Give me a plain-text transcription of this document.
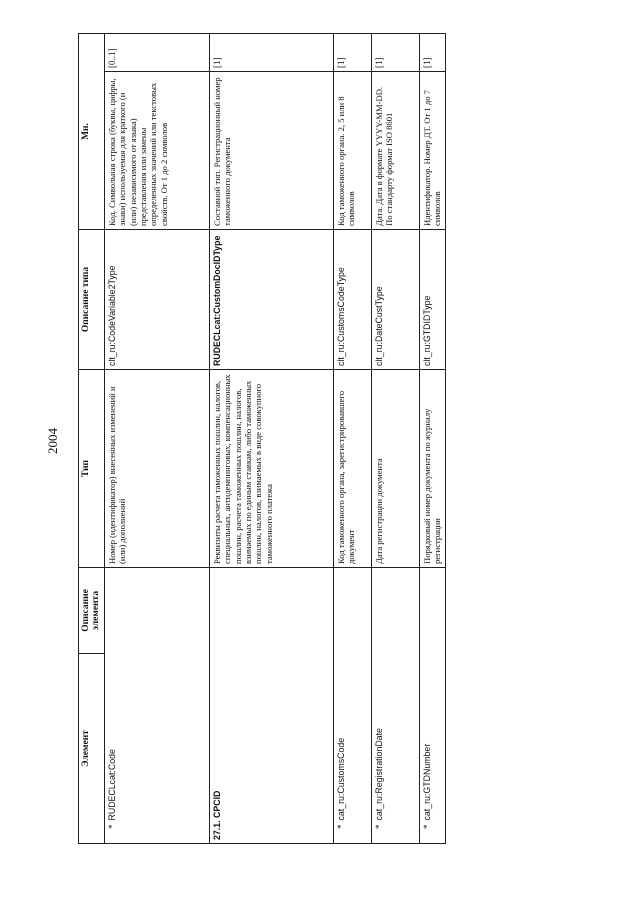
2004
Элемент	Описание элемента	Тип	Описание типа	Мн.	
*RUDECLcat:Code		Номер (идентификатор) внесенных изменений и (или) дополнений	clt_ru:CodeVariable2Type	Код. Символьная строка (буквы, цифры, знаки) используемая для краткого (и (или) независимого от языка) представления или замены определенных значений или текстовых свойств. От 1 до 2 символов	[0..1]
27.1. CPCID		Реквизиты расчета таможенных пошлин, налогов, специальных, антидемпинговых, компенсационных пошлин, расчета таможенных пошлин, налогов, взимаемых по единым ставкам, либо таможенных пошлин, налогов, взимаемых в виде совокупного таможенного платежа	RUDECLcat:CustomDocIDType	Составной тип. Регистрационный номер таможенного документа	[1]
*cat_ru:CustomsCode		Код таможенного органа, зарегистрировавшего документ	clt_ru:CustomsCodeType	Код таможенного органа. 2, 5 или 8 символов	[1]
*cat_ru:RegistrationDate		Дата регистрации документа	clt_ru:DateCustType	Дата. Дата в формате YYYY-MM-DD. По стандарту формат ISO 8601	[1]
*cat_ru:GTDNumber		Порядковый номер документа по журналу регистрации	clt_ru:GTDIDType	Идентификатор. Номер ДТ. От 1 до 7 символов	[1]
